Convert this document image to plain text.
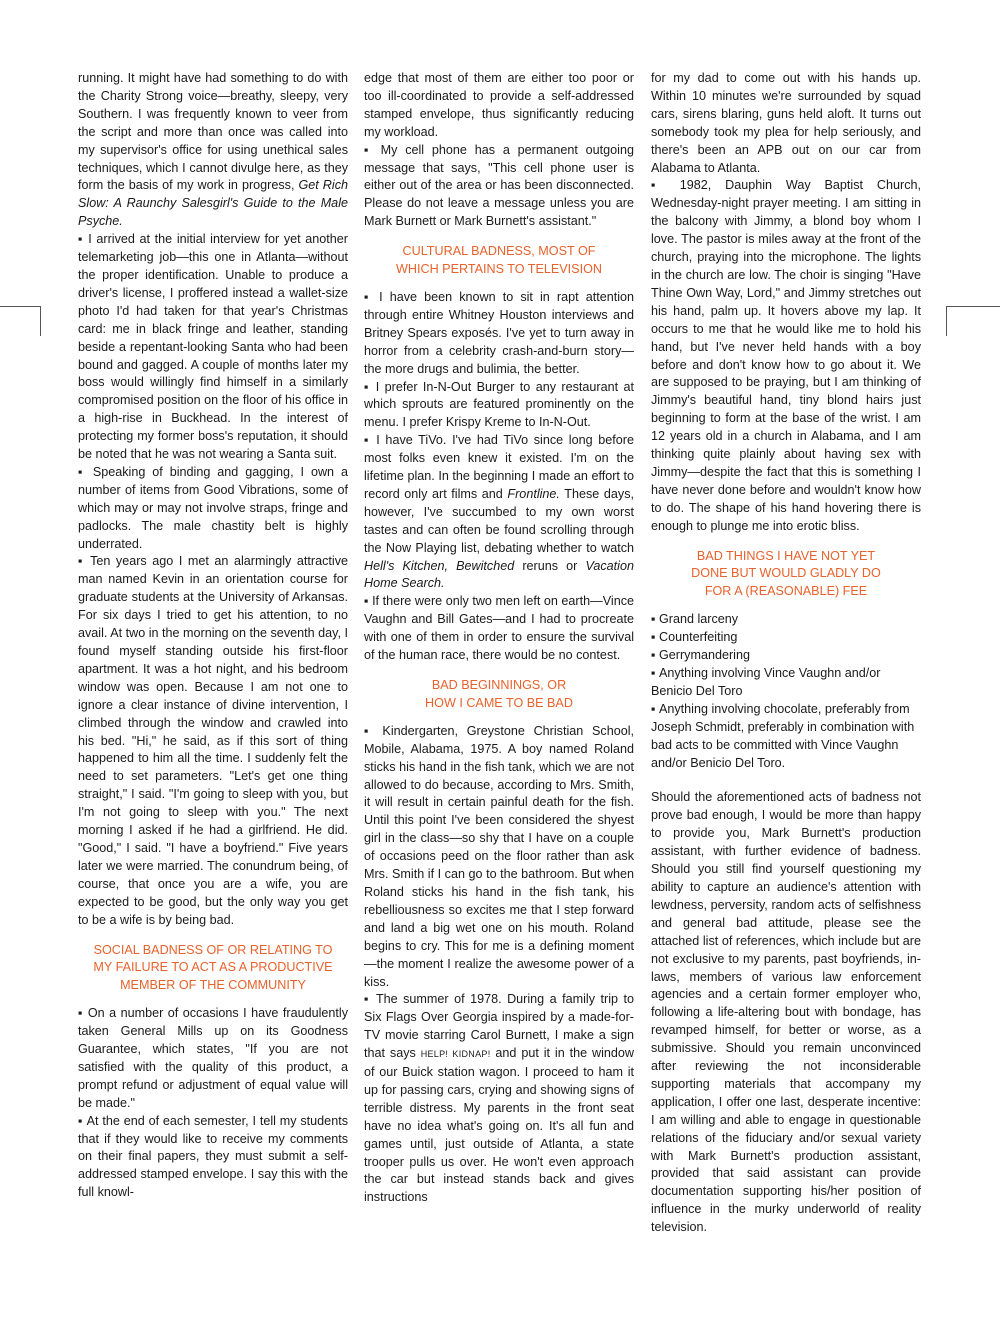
running. It might have had something to do with the Charity Strong voice—breathy, sleepy, very Southern. I was frequently known to veer from the script and more than once was called into my supervisor's office for using unethical sales techniques, which I cannot divulge here, as they form the basis of my work in progress, Get Rich Slow: A Raunchy Salesgirl's Guide to the Male Psyche.

▪ I arrived at the initial interview for yet another telemarketing job—this one in Atlanta—without the proper identification. Unable to produce a driver's license, I proffered instead a wallet-size photo I'd had taken for that year's Christmas card: me in black fringe and leather, standing beside a repentant-looking Santa who had been bound and gagged. A couple of months later my boss would willingly find himself in a similarly compromised position on the floor of his office in a high-rise in Buckhead. In the interest of protecting my former boss's reputation, it should be noted that he was not wearing a Santa suit.

▪ Speaking of binding and gagging, I own a number of items from Good Vibrations, some of which may or may not involve straps, fringe and padlocks. The male chastity belt is highly underrated.

▪ Ten years ago I met an alarmingly attractive man named Kevin in an orientation course for graduate students at the University of Arkansas. For six days I tried to get his attention, to no avail. At two in the morning on the seventh day, I found myself standing outside his first-floor apartment. It was a hot night, and his bedroom window was open. Because I am not one to ignore a clear instance of divine intervention, I climbed through the window and crawled into his bed. "Hi," he said, as if this sort of thing happened to him all the time. I suddenly felt the need to set parameters. "Let's get one thing straight," I said. "I'm going to sleep with you, but I'm not going to sleep with you." The next morning I asked if he had a girlfriend. He did. "Good," I said. "I have a boyfriend." Five years later we were married. The conundrum being, of course, that once you are a wife, you are expected to be good, but the only way you get to be a wife is by being bad.

SOCIAL BADNESS OF OR RELATING TO
MY FAILURE TO ACT AS A PRODUCTIVE
MEMBER OF THE COMMUNITY

▪ On a number of occasions I have fraudulently taken General Mills up on its Goodness Guarantee, which states, "If you are not satisfied with the quality of this product, a prompt refund or adjustment of equal value will be made."

▪ At the end of each semester, I tell my students that if they would like to receive my comments on their final papers, they must submit a self-addressed stamped envelope. I say this with the full knowl-

edge that most of them are either too poor or too ill-coordinated to provide a self-addressed stamped envelope, thus significantly reducing my workload.

▪ My cell phone has a permanent outgoing message that says, "This cell phone user is either out of the area or has been disconnected. Please do not leave a message unless you are Mark Burnett or Mark Burnett's assistant."

CULTURAL BADNESS, MOST OF
WHICH PERTAINS TO TELEVISION

▪ I have been known to sit in rapt attention through entire Whitney Houston interviews and Britney Spears exposés. I've yet to turn away in horror from a celebrity crash-and-burn story—the more drugs and bulimia, the better.

▪ I prefer In-N-Out Burger to any restaurant at which sprouts are featured prominently on the menu. I prefer Krispy Kreme to In-N-Out.

▪ I have TiVo. I've had TiVo since long before most folks even knew it existed. I'm on the lifetime plan. In the beginning I made an effort to record only art films and Frontline. These days, however, I've succumbed to my own worst tastes and can often be found scrolling through the Now Playing list, debating whether to watch Hell's Kitchen, Bewitched reruns or Vacation Home Search.

▪ If there were only two men left on earth—Vince Vaughn and Bill Gates—and I had to procreate with one of them in order to ensure the survival of the human race, there would be no contest.

BAD BEGINNINGS, OR
HOW I CAME TO BE BAD

▪ Kindergarten, Greystone Christian School, Mobile, Alabama, 1975. A boy named Roland sticks his hand in the fish tank, which we are not allowed to do because, according to Mrs. Smith, it will result in certain painful death for the fish. Until this point I've been considered the shyest girl in the class—so shy that I have on a couple of occasions peed on the floor rather than ask Mrs. Smith if I can go to the bathroom. But when Roland sticks his hand in the fish tank, his rebelliousness so excites me that I step forward and land a big wet one on his mouth. Roland begins to cry. This for me is a defining moment—the moment I realize the awesome power of a kiss.

▪ The summer of 1978. During a family trip to Six Flags Over Georgia inspired by a made-for-TV movie starring Carol Burnett, I make a sign that says HELP! KIDNAP! and put it in the window of our Buick station wagon. I proceed to ham it up for passing cars, crying and showing signs of terrible distress. My parents in the front seat have no idea what's going on. It's all fun and games until, just outside of Atlanta, a state trooper pulls us over. He won't even approach the car but instead stands back and gives instructions

for my dad to come out with his hands up. Within 10 minutes we're surrounded by squad cars, sirens blaring, guns held aloft. It turns out somebody took my plea for help seriously, and there's been an APB out on our car from Alabama to Atlanta.

▪ 1982, Dauphin Way Baptist Church, Wednesday-night prayer meeting. I am sitting in the balcony with Jimmy, a blond boy whom I love. The pastor is miles away at the front of the church, praying into the microphone. The lights in the church are low. The choir is singing "Have Thine Own Way, Lord," and Jimmy stretches out his hand, palm up. It hovers above my lap. It occurs to me that he would like me to hold his hand, but I've never held hands with a boy before and don't know how to go about it. We are supposed to be praying, but I am thinking of Jimmy's beautiful hand, tiny blond hairs just beginning to form at the base of the wrist. I am 12 years old in a church in Alabama, and I am thinking quite plainly about having sex with Jimmy—despite the fact that this is something I have never done before and wouldn't know how to do. The shape of his hand hovering there is enough to plunge me into erotic bliss.

BAD THINGS I HAVE NOT YET
DONE BUT WOULD GLADLY DO
FOR A (REASONABLE) FEE

▪ Grand larceny

▪ Counterfeiting

▪ Gerrymandering

▪ Anything involving Vince Vaughn and/or Benicio Del Toro

▪ Anything involving chocolate, preferably from Joseph Schmidt, preferably in combination with bad acts to be committed with Vince Vaughn and/or Benicio Del Toro.

Should the aforementioned acts of badness not prove bad enough, I would be more than happy to provide you, Mark Burnett's production assistant, with further evidence of badness. Should you still find yourself questioning my ability to capture an audience's attention with lewdness, perversity, random acts of selfishness and general bad attitude, please see the attached list of references, which include but are not exclusive to my parents, past boyfriends, in-laws, members of various law enforcement agencies and a certain former employer who, following a life-altering bout with bondage, has revamped himself, for better or worse, as a submissive. Should you remain unconvinced after reviewing the not inconsiderable supporting materials that accompany my application, I offer one last, desperate incentive: I am willing and able to engage in questionable relations of the fiduciary and/or sexual variety with Mark Burnett's production assistant, provided that said assistant can provide documentation supporting his/her position of influence in the murky underworld of reality television.
